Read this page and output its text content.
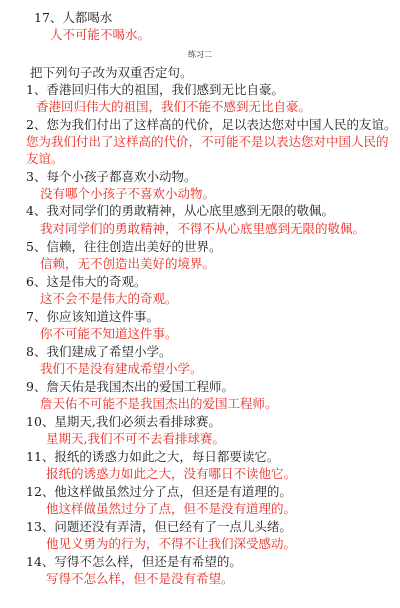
17、人都喝水
人不可能不喝水。
练习二
把下列句子改为双重否定句。
1、香港回归伟大的祖国，我们感到无比自豪。
香港回归伟大的祖国，我们不能不感到无比自豪。
2、您为我们付出了这样高的代价，足以表达您对中国人民的友谊。
您为我们付出了这样高的代价，不可能不是以表达您对中国人民的
友谊。
3、每个小孩子都喜欢小动物。
没有哪个小孩子不喜欢小动物。
4、我对同学们的勇敢精神，从心底里感到无限的敬佩。
我对同学们的勇敢精神，不得不从心底里感到无限的敬佩。
5、信赖，往往创造出美好的世界。
信赖，无不创造出美好的境界。
6、这是伟大的奇观。
这不会不是伟大的奇观。
7、你应该知道这件事。
你不可能不知道这件事。
8、我们建成了希望小学。
我们不是没有建成希望小学。
9、詹天佑是我国杰出的爱国工程师。
詹天佑不可能不是我国杰出的爱国工程师。
10、星期天,我们必须去看排球赛。
星期天,我们不可不去看排球赛。
11、报纸的诱惑力如此之大，每日都要读它。
报纸的诱惑力如此之大，没有哪日不读他它。
12、他这样做虽然过分了点，但还是有道理的。
他这样做虽然过分了点，但不是没有道理的。
13、问题还没有弄清，但已经有了一点儿头绪。
他见义勇为的行为，不得不让我们深受感动。
14、写得不怎么样，但还是有希望的。
写得不怎么样，但不是没有希望。
